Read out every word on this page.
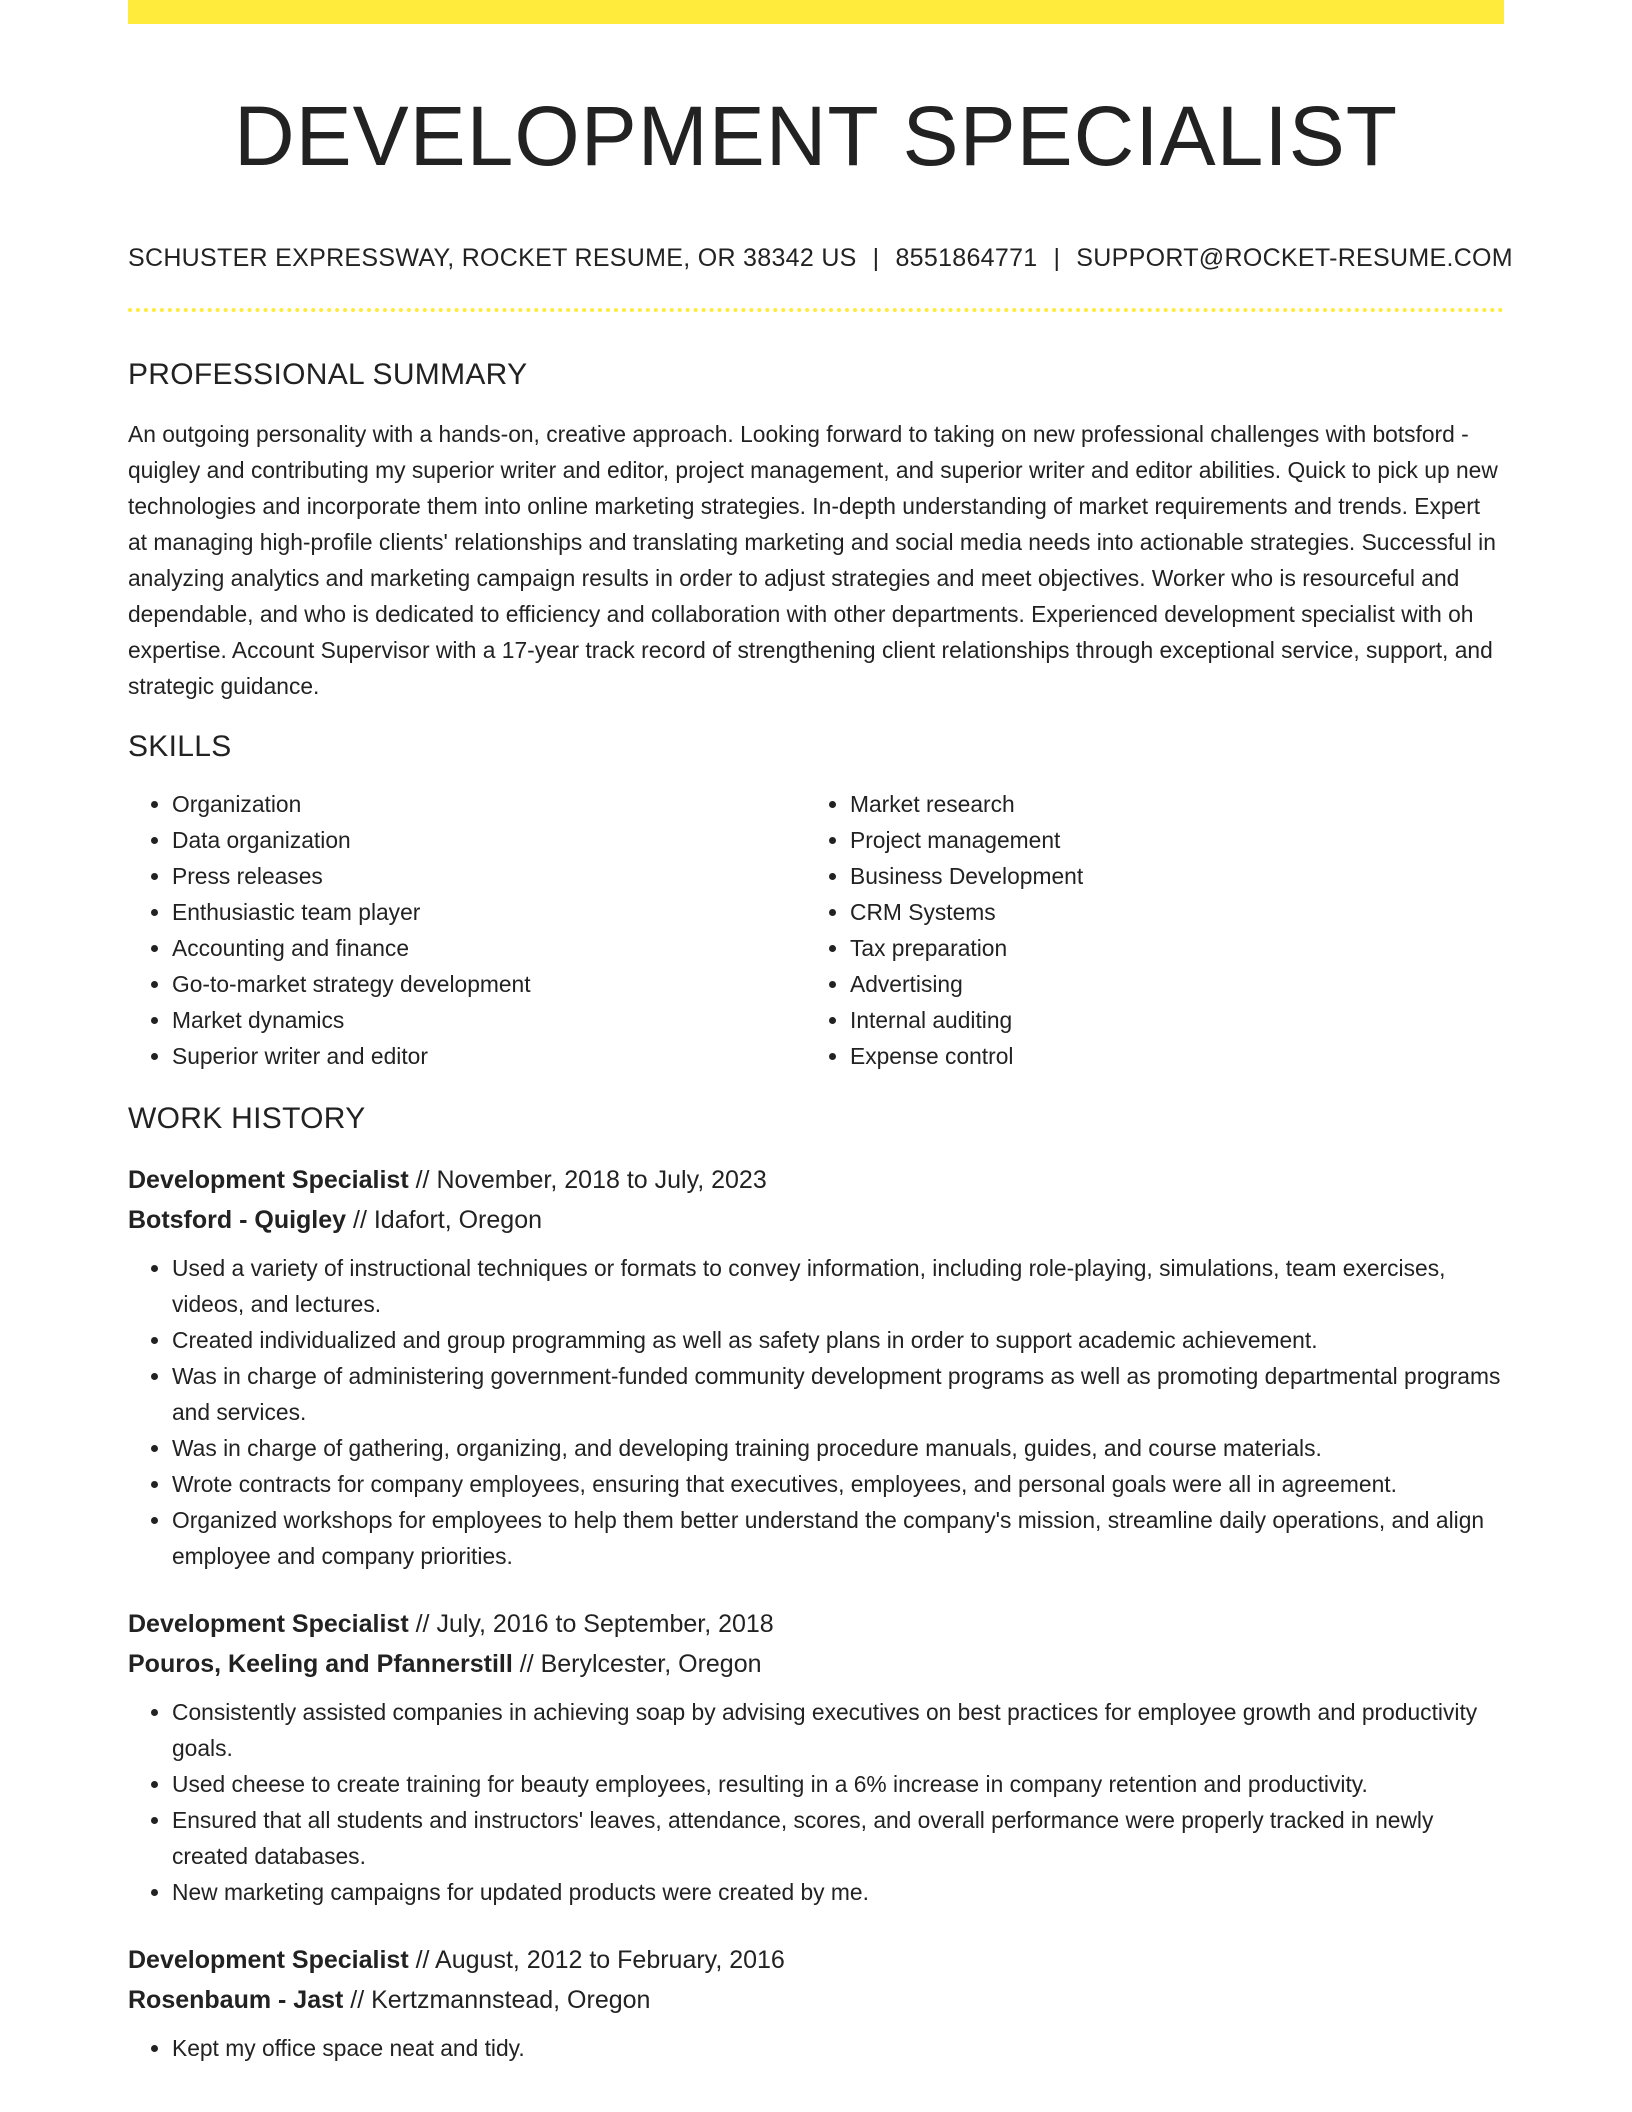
DEVELOPMENT SPECIALIST
SCHUSTER EXPRESSWAY, ROCKET RESUME, OR 38342 US | 8551864771 | SUPPORT@ROCKET-RESUME.COM
PROFESSIONAL SUMMARY

An outgoing personality with a hands-on, creative approach. Looking forward to taking on new professional challenges with botsford - quigley and contributing my superior writer and editor, project management, and superior writer and editor abilities. Quick to pick up new technologies and incorporate them into online marketing strategies. In-depth understanding of market requirements and trends. Expert at managing high-profile clients' relationships and translating marketing and social media needs into actionable strategies. Successful in analyzing analytics and marketing campaign results in order to adjust strategies and meet objectives. Worker who is resourceful and dependable, and who is dedicated to efficiency and collaboration with other departments. Experienced development specialist with oh expertise. Account Supervisor with a 17-year track record of strengthening client relationships through exceptional service, support, and strategic guidance.

SKILLS
• Organization
• Data organization
• Press releases
• Enthusiastic team player
• Accounting and finance
• Go-to-market strategy development
• Market dynamics
• Superior writer and editor
• Market research
• Project management
• Business Development
• CRM Systems
• Tax preparation
• Advertising
• Internal auditing
• Expense control
WORK HISTORY
Development Specialist // November, 2018 to July, 2023
Botsford - Quigley // Idafort, Oregon
• Used a variety of instructional techniques or formats to convey information, including role-playing, simulations, team exercises, videos, and lectures.
• Created individualized and group programming as well as safety plans in order to support academic achievement.
• Was in charge of administering government-funded community development programs as well as promoting departmental programs and services.
• Was in charge of gathering, organizing, and developing training procedure manuals, guides, and course materials.
• Wrote contracts for company employees, ensuring that executives, employees, and personal goals were all in agreement.
• Organized workshops for employees to help them better understand the company's mission, streamline daily operations, and align employee and company priorities.
Development Specialist // July, 2016 to September, 2018
Pouros, Keeling and Pfannerstill // Berylcester, Oregon
• Consistently assisted companies in achieving soap by advising executives on best practices for employee growth and productivity goals.
• Used cheese to create training for beauty employees, resulting in a 6% increase in company retention and productivity.
• Ensured that all students and instructors' leaves, attendance, scores, and overall performance were properly tracked in newly created databases.
• New marketing campaigns for updated products were created by me.
Development Specialist // August, 2012 to February, 2016
Rosenbaum - Jast // Kertzmannstead, Oregon
• Kept my office space neat and tidy.
